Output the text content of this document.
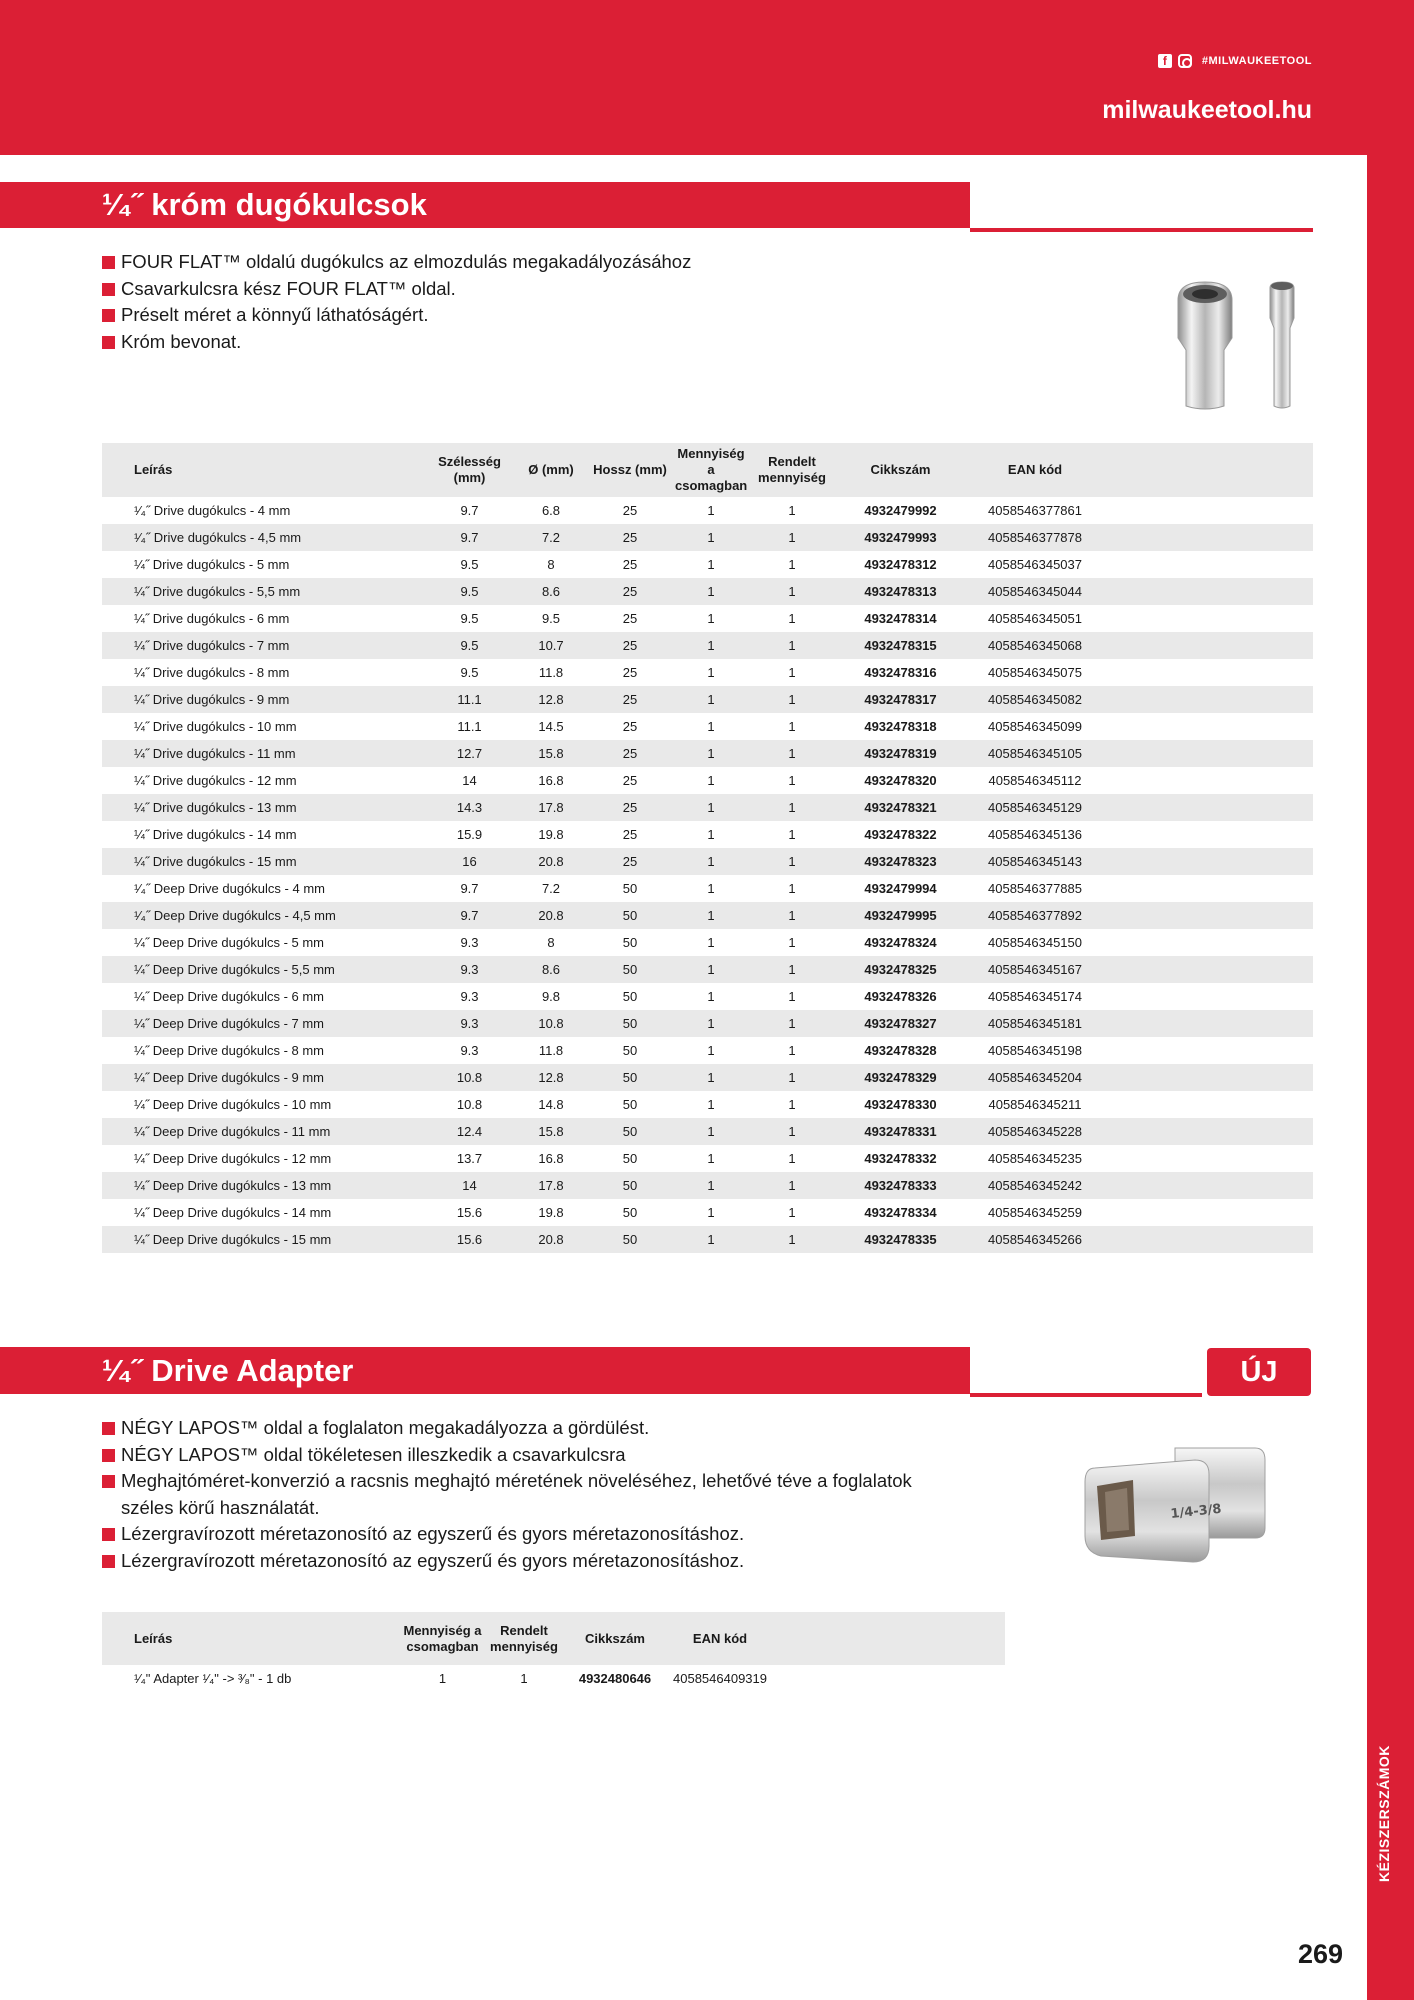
f	#MILWAUKEETOOL
milwaukeetool.hu
¹⁄₄˝ króm dugókulcsok
FOUR FLAT™ oldalú dugókulcs az elmozdulás megakadályozásához
Csavarkulcsra kész FOUR FLAT™ oldal.
Préselt méret a könnyű láthatóságért.
Króm bevonat.
Leírás	Szélesség (mm)	Ø (mm)	Hossz (mm)	Mennyiség a csomagban	Rendelt mennyiség	Cikkszám	EAN kód	
¹⁄₄˝ Drive dugókulcs - 4 mm	9.7	6.8	25	1	1	4932479992	4058546377861	
¹⁄₄˝ Drive dugókulcs - 4,5 mm	9.7	7.2	25	1	1	4932479993	4058546377878	
¼˝ Drive dugókulcs - 5 mm	9.5	8	25	1	1	4932478312	4058546345037	
¼˝ Drive dugókulcs - 5,5 mm	9.5	8.6	25	1	1	4932478313	4058546345044	
¼˝ Drive dugókulcs - 6 mm	9.5	9.5	25	1	1	4932478314	4058546345051	
¼˝ Drive dugókulcs - 7 mm	9.5	10.7	25	1	1	4932478315	4058546345068	
¼˝ Drive dugókulcs - 8 mm	9.5	11.8	25	1	1	4932478316	4058546345075	
¼˝ Drive dugókulcs - 9 mm	11.1	12.8	25	1	1	4932478317	4058546345082	
¼˝ Drive dugókulcs - 10 mm	11.1	14.5	25	1	1	4932478318	4058546345099	
¼˝ Drive dugókulcs - 11 mm	12.7	15.8	25	1	1	4932478319	4058546345105	
¼˝ Drive dugókulcs - 12 mm	14	16.8	25	1	1	4932478320	4058546345112	
¼˝ Drive dugókulcs - 13 mm	14.3	17.8	25	1	1	4932478321	4058546345129	
¼˝ Drive dugókulcs - 14 mm	15.9	19.8	25	1	1	4932478322	4058546345136	
¼˝ Drive dugókulcs - 15 mm	16	20.8	25	1	1	4932478323	4058546345143	
¹⁄₄˝ Deep Drive dugókulcs - 4 mm	9.7	7.2	50	1	1	4932479994	4058546377885	
¹⁄₄˝ Deep Drive dugókulcs - 4,5 mm	9.7	20.8	50	1	1	4932479995	4058546377892	
¼˝ Deep Drive dugókulcs - 5 mm	9.3	8	50	1	1	4932478324	4058546345150	
¼˝ Deep Drive dugókulcs - 5,5 mm	9.3	8.6	50	1	1	4932478325	4058546345167	
¼˝ Deep Drive dugókulcs - 6 mm	9.3	9.8	50	1	1	4932478326	4058546345174	
¼˝ Deep Drive dugókulcs - 7 mm	9.3	10.8	50	1	1	4932478327	4058546345181	
¼˝ Deep Drive dugókulcs - 8 mm	9.3	11.8	50	1	1	4932478328	4058546345198	
¼˝ Deep Drive dugókulcs - 9 mm	10.8	12.8	50	1	1	4932478329	4058546345204	
¼˝ Deep Drive dugókulcs - 10 mm	10.8	14.8	50	1	1	4932478330	4058546345211	
¼˝ Deep Drive dugókulcs - 11 mm	12.4	15.8	50	1	1	4932478331	4058546345228	
¼˝ Deep Drive dugókulcs - 12 mm	13.7	16.8	50	1	1	4932478332	4058546345235	
¼˝ Deep Drive dugókulcs - 13 mm	14	17.8	50	1	1	4932478333	4058546345242	
¼˝ Deep Drive dugókulcs - 14 mm	15.6	19.8	50	1	1	4932478334	4058546345259	
¼˝ Deep Drive dugókulcs - 15 mm	15.6	20.8	50	1	1	4932478335	4058546345266	
¹⁄₄˝ Drive Adapter	ÚJ
NÉGY LAPOS™ oldal a foglalaton megakadályozza a gördülést.
NÉGY LAPOS™ oldal tökéletesen illeszkedik a csavarkulcsra
Meghajtóméret-konverzió a racsnis meghajtó méretének növeléséhez, lehetővé téve a foglalatok széles körű használatát.
Lézergravírozott méretazonosító az egyszerű és gyors méretazonosításhoz.
Lézergravírozott méretazonosító az egyszerű és gyors méretazonosításhoz.
1/4-3/8
Leírás	Mennyiség a csomagban	Rendelt mennyiség	Cikkszám	EAN kód	
¹⁄₄" Adapter ¹⁄₄" -> ³⁄₈" - 1 db	1	1	4932480646	4058546409319	
KÉZISZERSZÁMOK
269
